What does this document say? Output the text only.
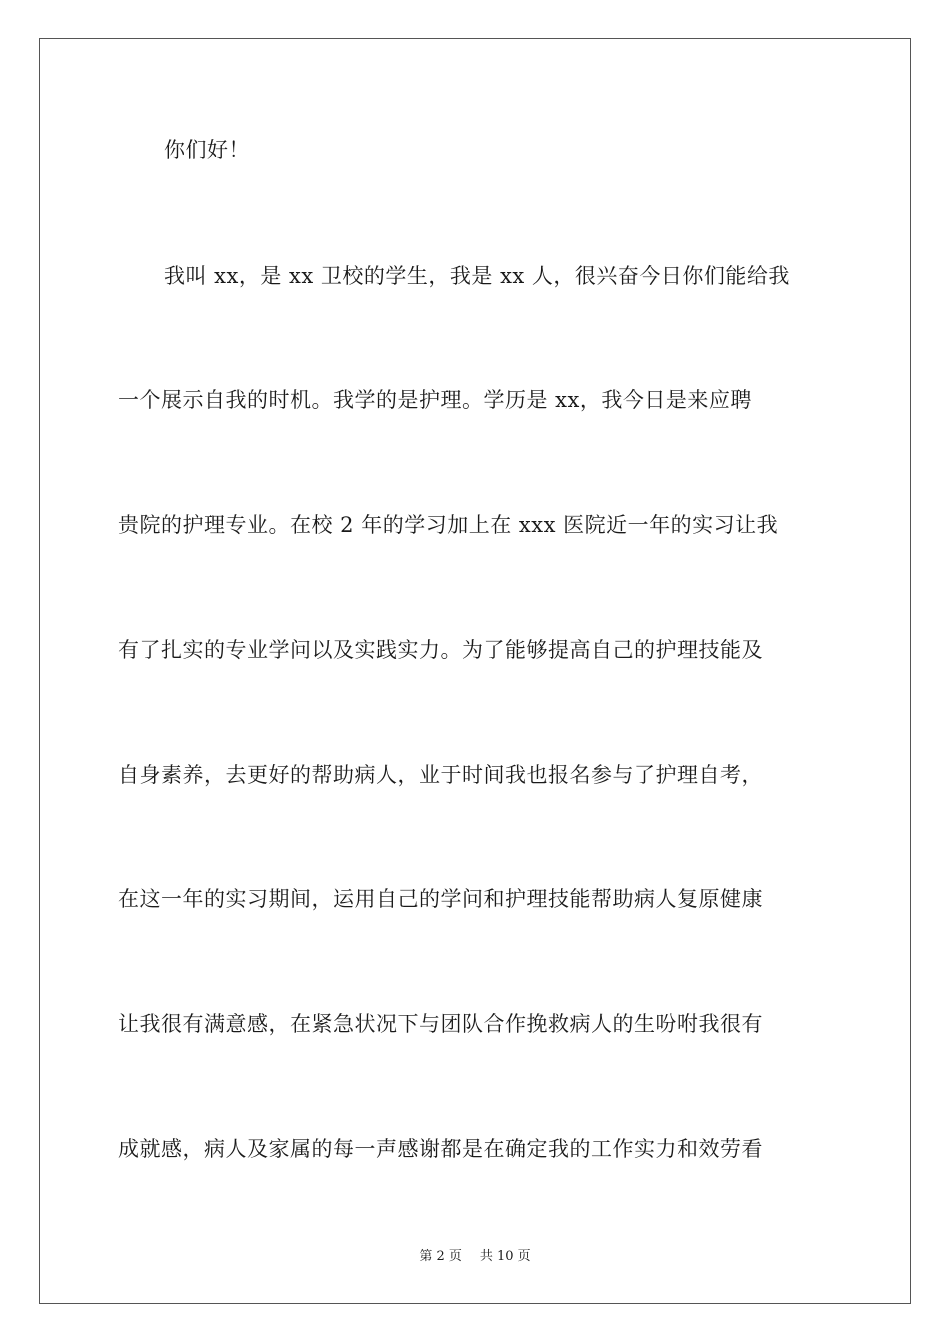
你们好！
我叫 xx，是 xx 卫校的学生，我是 xx 人，很兴奋今日你们能给我
一个展示自我的时机。我学的是护理。学历是 xx，我今日是来应聘
贵院的护理专业。在校 2 年的学习加上在 xxx 医院近一年的实习让我
有了扎实的专业学问以及实践实力。为了能够提高自己的护理技能及
自身素养，去更好的帮助病人，业于时间我也报名参与了护理自考，
在这一年的实习期间，运用自己的学问和护理技能帮助病人复原健康
让我很有满意感，在紧急状况下与团队合作挽救病人的生吩咐我很有
成就感，病人及家属的每一声感谢都是在确定我的工作实力和效劳看
第 2 页 共 10 页
